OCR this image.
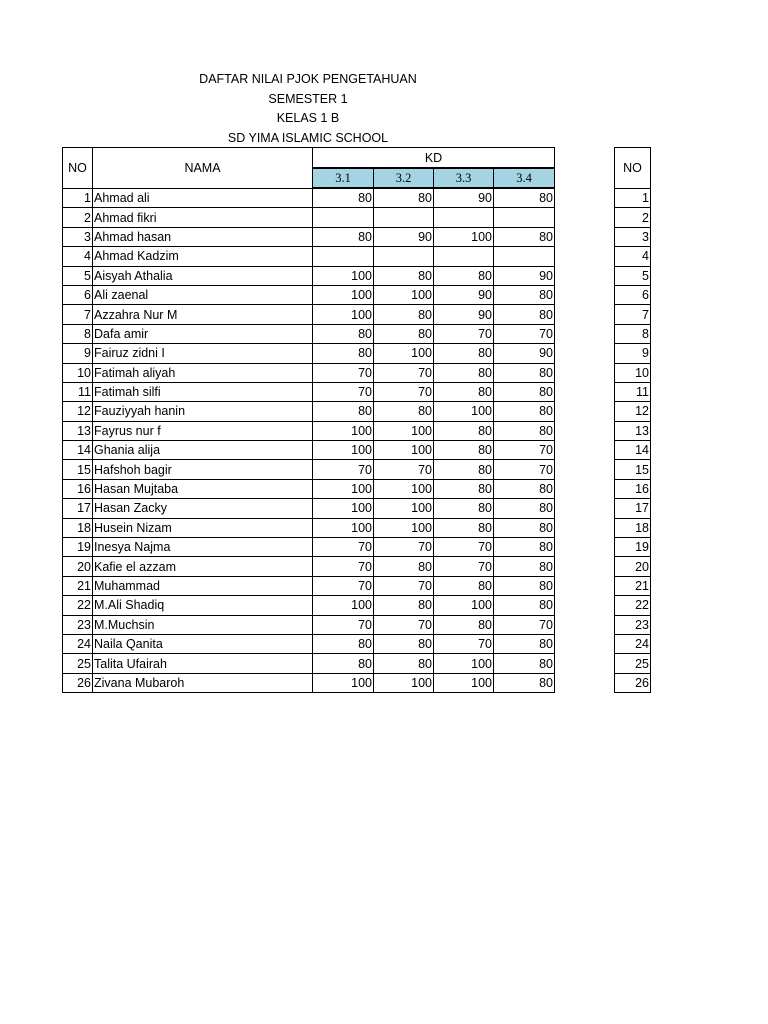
DAFTAR NILAI PJOK PENGETAHUAN
SEMESTER 1
KELAS 1 B
SD YIMA ISLAMIC SCHOOL
NO	NAMA	KD			
		3.1	3.2	3.3	3.4
1	Ahmad ali	80	80	90	80
2	Ahmad fikri				
3	Ahmad hasan	80	90	100	80
4	Ahmad Kadzim				
5	Aisyah Athalia	100	80	80	90
6	Ali zaenal	100	100	90	80
7	Azzahra Nur M	100	80	90	80
8	Dafa amir	80	80	70	70
9	Fairuz zidni I	80	100	80	90
10	Fatimah aliyah	70	70	80	80
11	Fatimah silfi	70	70	80	80
12	Fauziyyah hanin	80	80	100	80
13	Fayrus nur f	100	100	80	80
14	Ghania alija	100	100	80	70
15	Hafshoh bagir	70	70	80	70
16	Hasan Mujtaba	100	100	80	80
17	Hasan Zacky	100	100	80	80
18	Husein Nizam	100	100	80	80
19	Inesya Najma	70	70	70	80
20	Kafie el azzam	70	80	70	80
21	Muhammad	70	70	80	80
22	M.Ali Shadiq	100	80	100	80
23	M.Muchsin	70	70	80	70
24	Naila Qanita	80	80	70	80
25	Talita Ufairah	80	80	100	80
26	Zivana Mubaroh	100	100	100	80
NO
1
2
3
4
5
6
7
8
9
10
11
12
13
14
15
16
17
18
19
20
21
22
23
24
25
26
